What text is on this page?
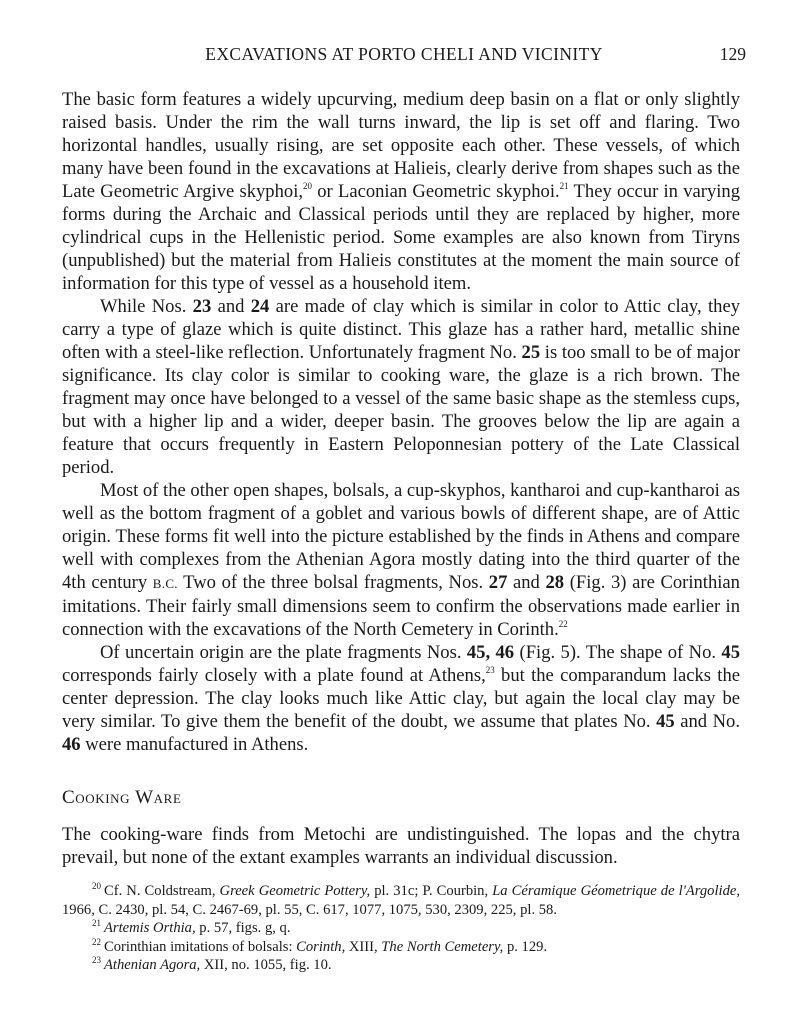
EXCAVATIONS AT PORTO CHELI AND VICINITY	129

The basic form features a widely upcurving, medium deep basin on a flat or only slightly raised basis. Under the rim the wall turns inward, the lip is set off and flaring. Two horizontal handles, usually rising, are set opposite each other. These vessels, of which many have been found in the excavations at Halieis, clearly derive from shapes such as the Late Geometric Argive skyphoi,$^{20}$ or Laconian Geometric skyphoi.$^{21}$ They occur in varying forms during the Archaic and Classical periods until they are replaced by higher, more cylindrical cups in the Hellenistic period. Some examples are also known from Tiryns (unpublished) but the material from Halieis constitutes at the moment the main source of information for this type of vessel as a household item.

While Nos. 23 and 24 are made of clay which is similar in color to Attic clay, they carry a type of glaze which is quite distinct. This glaze has a rather hard, metallic shine often with a steel-like reflection. Unfortunately fragment No. 25 is too small to be of major significance. Its clay color is similar to cooking ware, the glaze is a rich brown. The fragment may once have belonged to a vessel of the same basic shape as the stemless cups, but with a higher lip and a wider, deeper basin. The grooves below the lip are again a feature that occurs frequently in Eastern Peloponnesian pottery of the Late Classical period.

Most of the other open shapes, bolsals, a cup-skyphos, kantharoi and cup-kantharoi as well as the bottom fragment of a goblet and various bowls of different shape, are of Attic origin. These forms fit well into the picture established by the finds in Athens and compare well with complexes from the Athenian Agora mostly dating into the third quarter of the 4th century B.C. Two of the three bolsal fragments, Nos. 27 and 28 (Fig. 3) are Corinthian imitations. Their fairly small dimensions seem to confirm the observations made earlier in connection with the excavations of the North Cemetery in Corinth.$^{22}$

Of uncertain origin are the plate fragments Nos. 45, 46 (Fig. 5). The shape of No. 45 corresponds fairly closely with a plate found at Athens,$^{23}$ but the comparandum lacks the center depression. The clay looks much like Attic clay, but again the local clay may be very similar. To give them the benefit of the doubt, we assume that plates No. 45 and No. 46 were manufactured in Athens.

Cooking Ware

The cooking-ware finds from Metochi are undistinguished. The lopas and the chytra prevail, but none of the extant examples warrants an individual discussion.

$^{20}$ Cf. N. Coldstream, Greek Geometric Pottery, pl. 31c; P. Courbin, La Céramique Géometrique de l'Argolide, 1966, C. 2430, pl. 54, C. 2467-69, pl. 55, C. 617, 1077, 1075, 530, 2309, 225, pl. 58.

$^{21}$ Artemis Orthia, p. 57, figs. g, q.

$^{22}$ Corinthian imitations of bolsals: Corinth, XIII, The North Cemetery, p. 129.

$^{23}$ Athenian Agora, XII, no. 1055, fig. 10.
